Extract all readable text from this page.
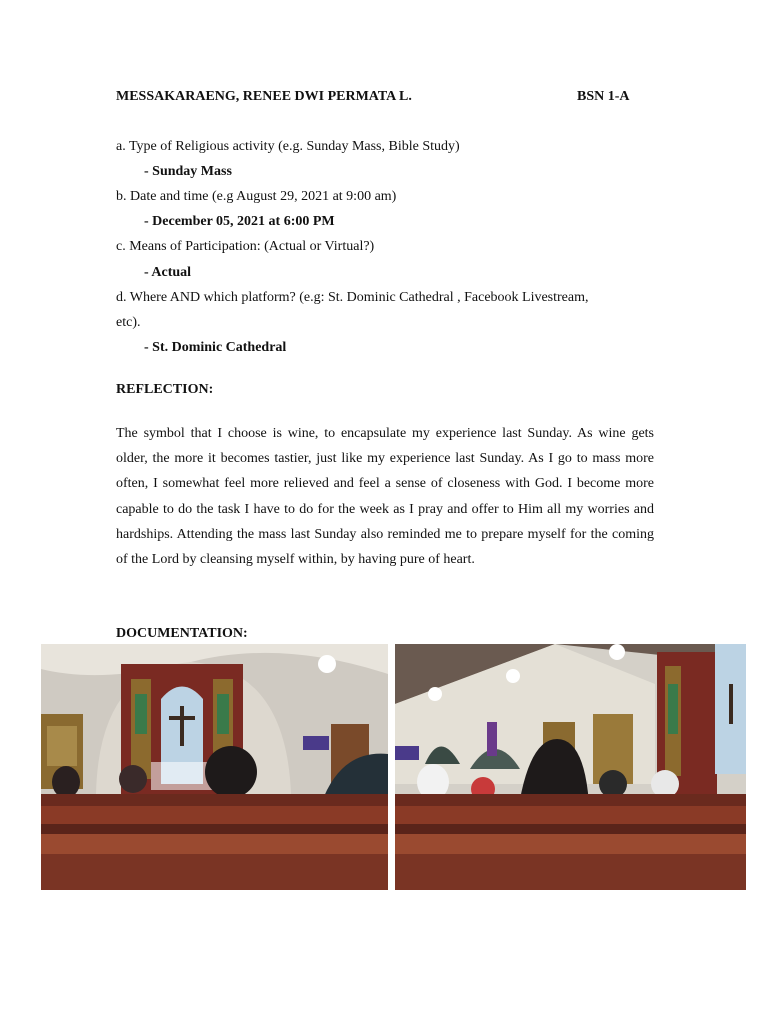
MESSAKARAENG, RENEE DWI PERMATA L.	BSN 1-A
a. Type of Religious activity (e.g. Sunday Mass, Bible Study)
- Sunday Mass
b. Date and time (e.g August 29, 2021 at 9:00 am)
- December 05, 2021 at 6:00 PM
c. Means of Participation: (Actual or Virtual?)
- Actual
d. Where AND which platform? (e.g: St. Dominic Cathedral , Facebook Livestream,
etc).
- St. Dominic Cathedral
REFLECTION:
The symbol that I choose is wine, to encapsulate my experience last Sunday. As wine gets older, the more it becomes tastier, just like my experience last Sunday. As I go to mass more often, I somewhat feel more relieved and feel a sense of closeness with God. I become more capable to do the task I have to do for the week as I pray and offer to Him all my worries and hardships. Attending the mass last Sunday also reminded me to prepare myself for the coming of the Lord by cleansing myself within, by having pure of heart.
DOCUMENTATION:
